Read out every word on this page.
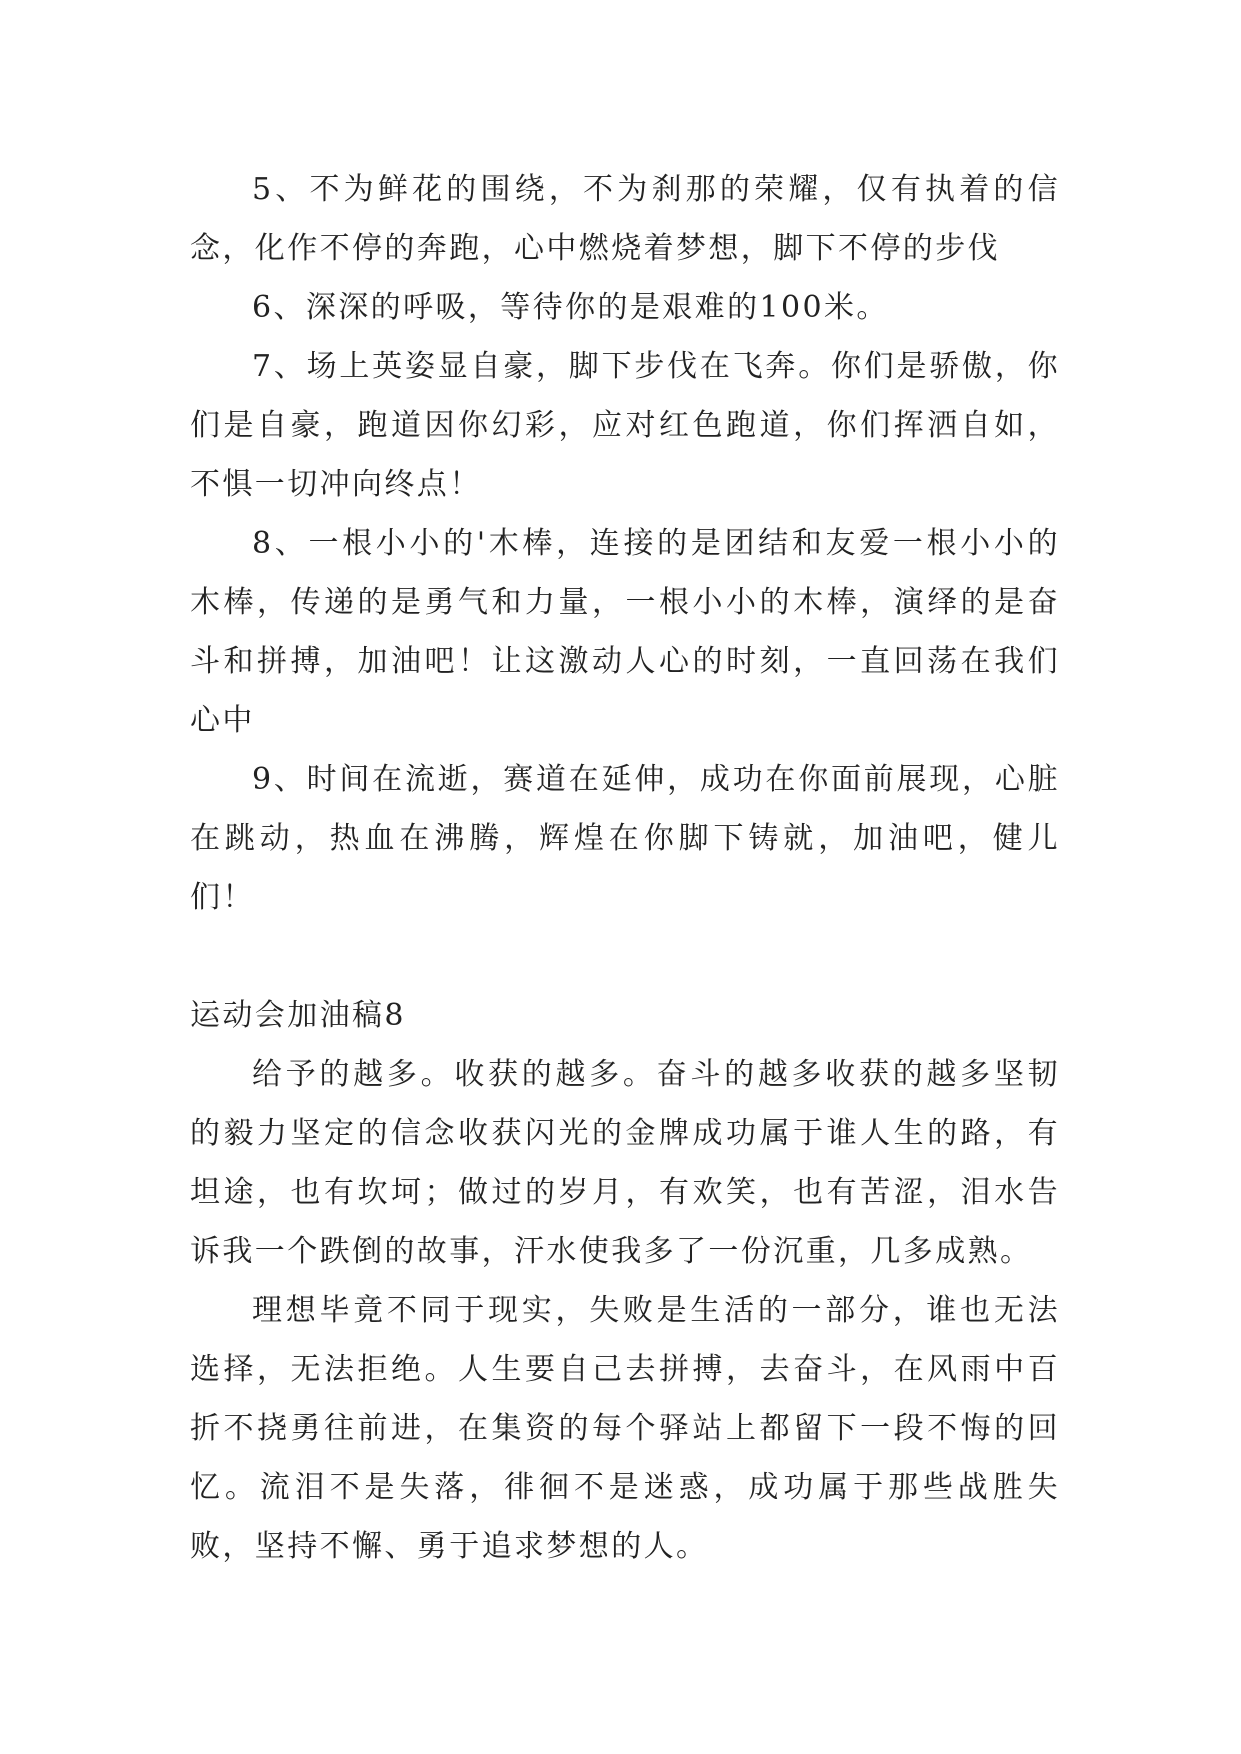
5、不为鲜花的围绕，不为刹那的荣耀，仅有执着的信念，化作不停的奔跑，心中燃烧着梦想，脚下不停的步伐

6、深深的呼吸，等待你的是艰难的100米。

7、场上英姿显自豪，脚下步伐在飞奔。你们是骄傲，你们是自豪，跑道因你幻彩，应对红色跑道，你们挥洒自如，不惧一切冲向终点！

8、一根小小的'木棒，连接的是团结和友爱一根小小的木棒，传递的是勇气和力量，一根小小的木棒，演绎的是奋斗和拼搏，加油吧！让这激动人心的时刻，一直回荡在我们心中

9、时间在流逝，赛道在延伸，成功在你面前展现，心脏在跳动，热血在沸腾，辉煌在你脚下铸就，加油吧，健儿们！

运动会加油稿8

给予的越多。收获的越多。奋斗的越多收获的越多坚韧的毅力坚定的信念收获闪光的金牌成功属于谁人生的路，有坦途，也有坎坷；做过的岁月，有欢笑，也有苦涩，泪水告诉我一个跌倒的故事，汗水使我多了一份沉重，几多成熟。

理想毕竟不同于现实，失败是生活的一部分，谁也无法选择，无法拒绝。人生要自己去拼搏，去奋斗，在风雨中百折不挠勇往前进，在集资的每个驿站上都留下一段不悔的回忆。流泪不是失落，徘徊不是迷惑，成功属于那些战胜失败，坚持不懈、勇于追求梦想的人。
